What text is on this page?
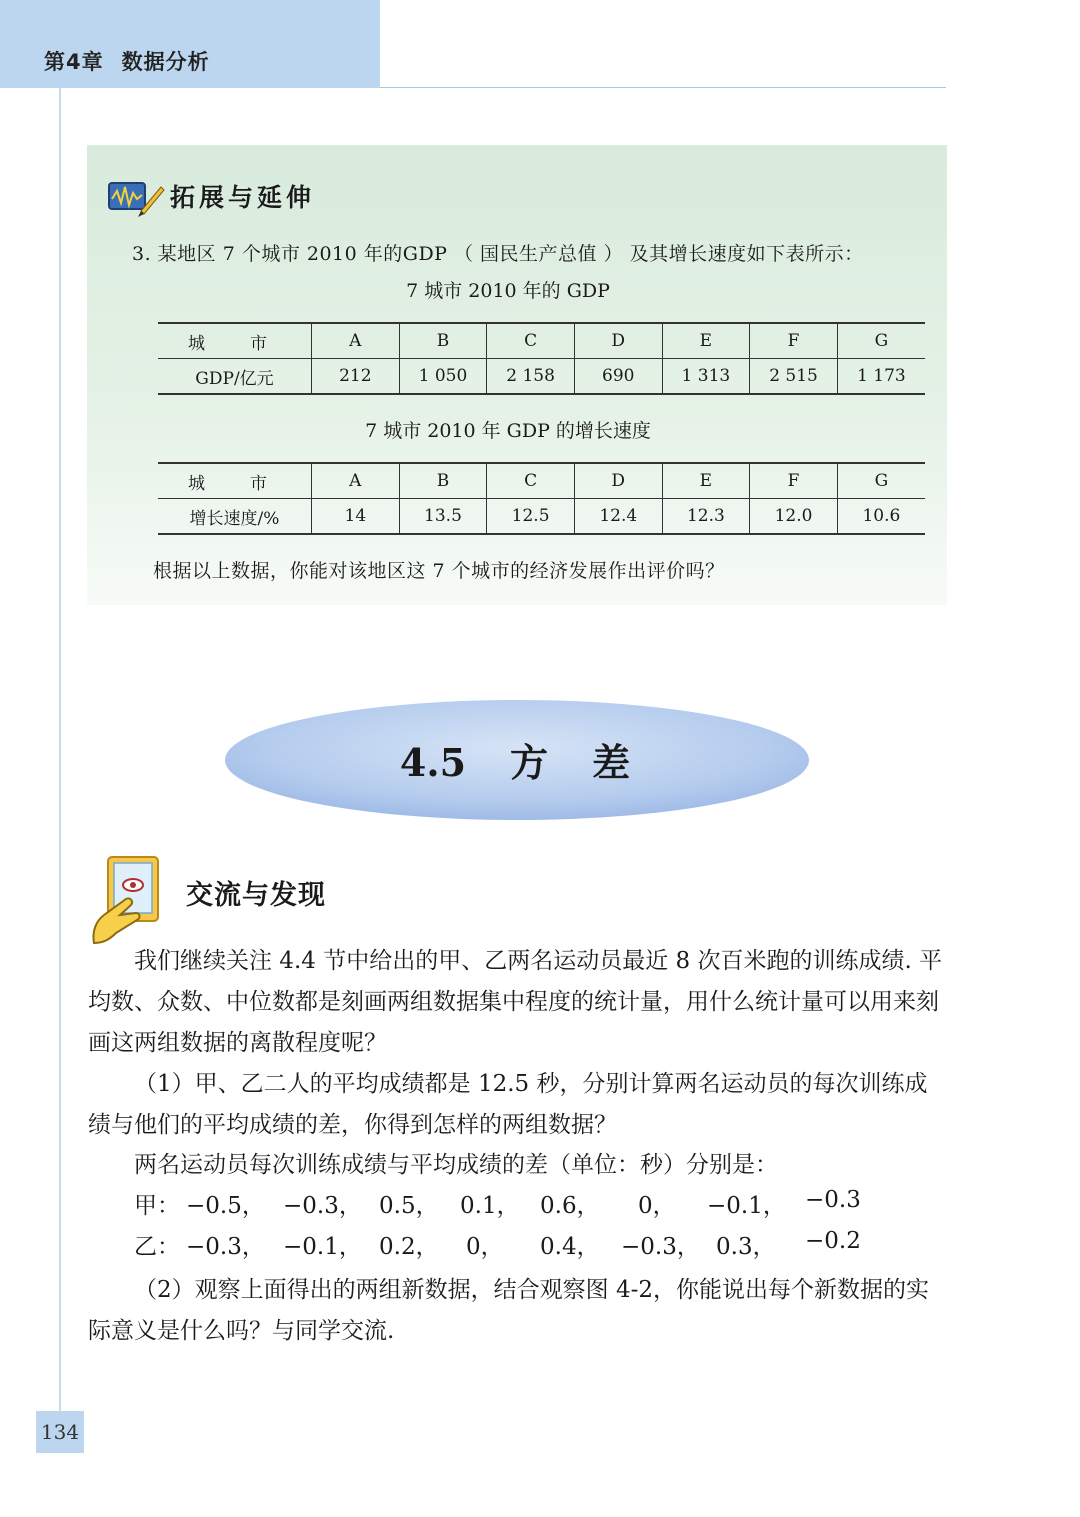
第4章 数据分析
拓展与延伸
3. 某地区 7 个城市 2010 年的GDP （ 国民生产总值 ） 及其增长速度如下表所示：
7 城市 2010 年的 GDP
城　市	A	B	C	D	E	F	G
GDP/亿元	212	1 050	2 158	690	1 313	2 515	1 173
7 城市 2010 年 GDP 的增长速度
城　市	A	B	C	D	E	F	G
增长速度/%	14	13.5	12.5	12.4	12.3	12.0	10.6
根据以上数据，你能对该地区这 7 个城市的经济发展作出评价吗？
4.5 方 差
交流与发现
我们继续关注 4.4 节中给出的甲、乙两名运动员最近 8 次百米跑的训练成绩. 平均数、众数、中位数都是刻画两组数据集中程度的统计量，用什么统计量可以用来刻画这两组数据的离散程度呢？
（1）甲、乙二人的平均成绩都是 12.5 秒，分别计算两名运动员的每次训练成绩与他们的平均成绩的差，你得到怎样的两组数据？
两名运动员每次训练成绩与平均成绩的差（单位：秒）分别是：
甲： −0.5， −0.3， 0.5， 0.1， 0.6， 0， −0.1， −0.3
乙： −0.3， −0.1， 0.2， 0， 0.4， −0.3， 0.3， −0.2
（2）观察上面得出的两组新数据，结合观察图 4-2，你能说出每个新数据的实际意义是什么吗？与同学交流.
134
